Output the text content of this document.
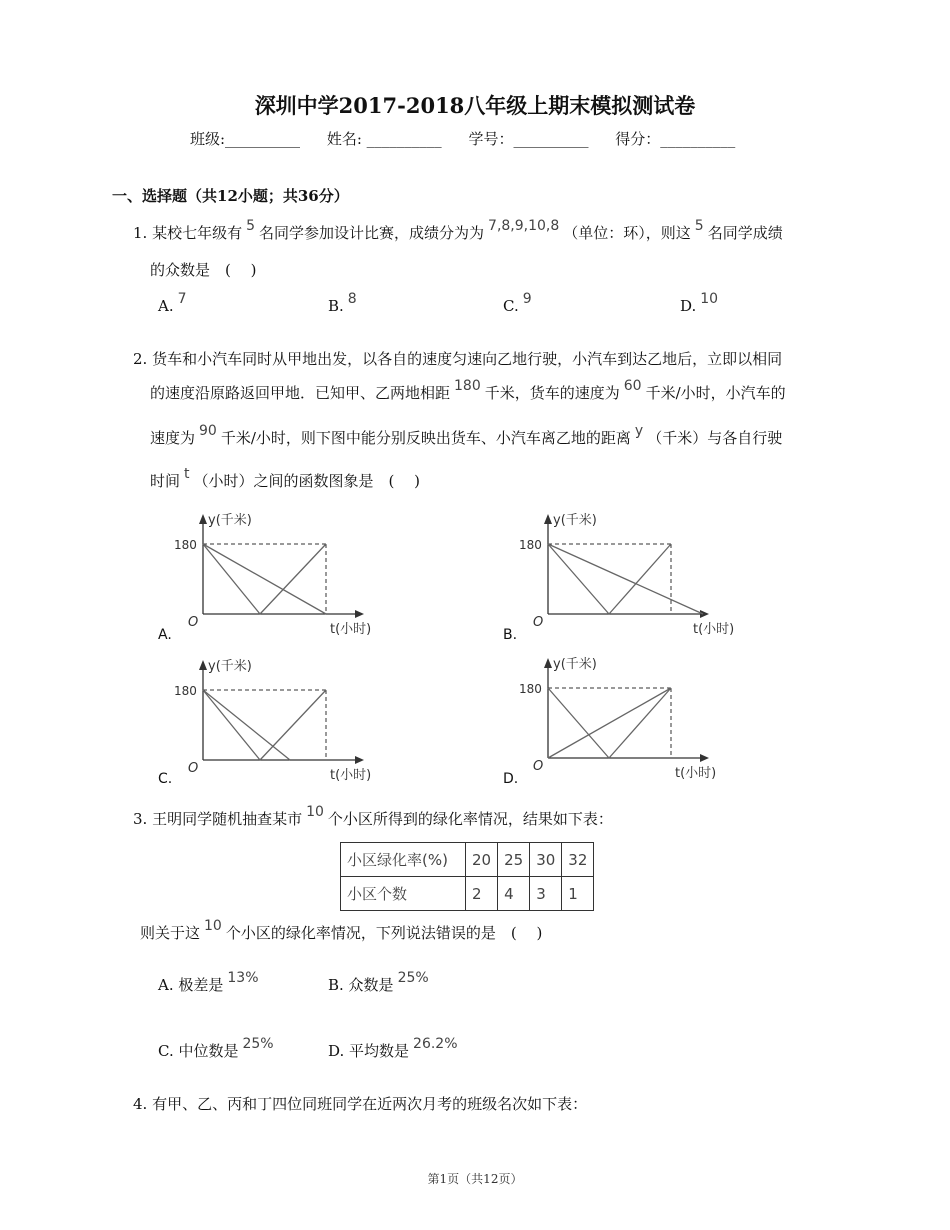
深圳中学2017-2018八年级上期末模拟测试卷
班级:__________ 姓名: __________ 学号：__________ 得分：__________
一、选择题（共12小题；共36分）
1. 某校七年级有 5 名同学参加设计比赛，成绩分为为 7,8,9,10,8 （单位：环），则这 5 名同学成绩
的众数是　(　 )
A. 7	B. 8	C. 9	D. 10
2. 货车和小汽车同时从甲地出发，以各自的速度匀速向乙地行驶，小汽车到达乙地后，立即以相同
的速度沿原路返回甲地．已知甲、乙两地相距 180 千米，货车的速度为 60 千米/小时，小汽车的
速度为 90 千米/小时，则下图中能分别反映出货车、小汽车离乙地的距离 y （千米）与各自行驶
时间 t （小时）之间的函数图象是　(　 )
y(千米)
180
O	t(小时)
A.
y(千米)
180
O	t(小时)
B.
y(千米)
180
O	t(小时)
C.
y(千米)
180
O	t(小时)
D.
3. 王明同学随机抽查某市 10 个小区所得到的绿化率情况，结果如下表：
小区绿化率(%)	20	25	30	32
小区个数	2	4	3	1
则关于这 10 个小区的绿化率情况，下列说法错误的是　(　 )
A. 极差是 13%	B. 众数是 25%
C. 中位数是 25%	D. 平均数是 26.2%
4. 有甲、乙、丙和丁四位同班同学在近两次月考的班级名次如下表：
第1页（共12页）
